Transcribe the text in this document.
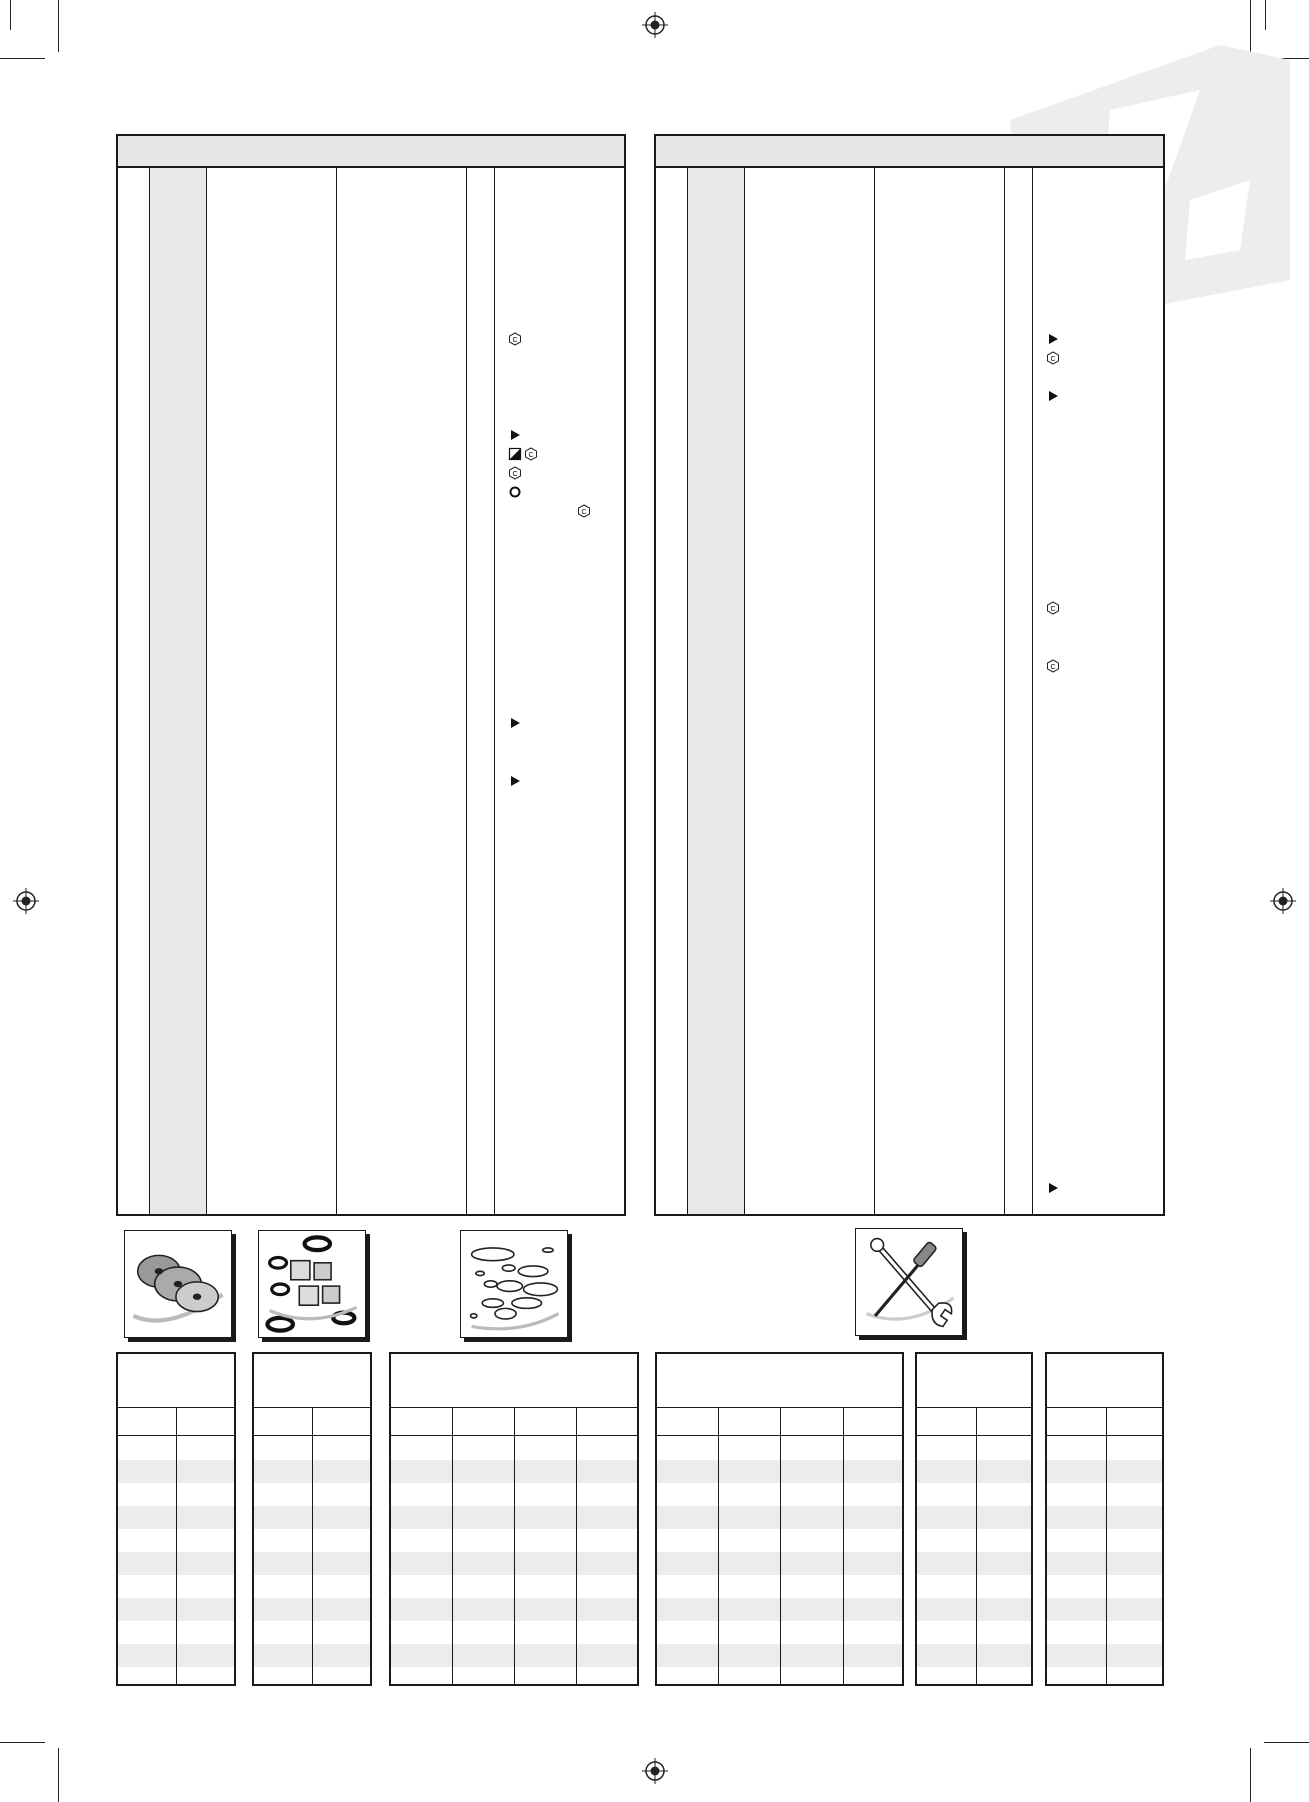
C
C
C
C
C
C
C
